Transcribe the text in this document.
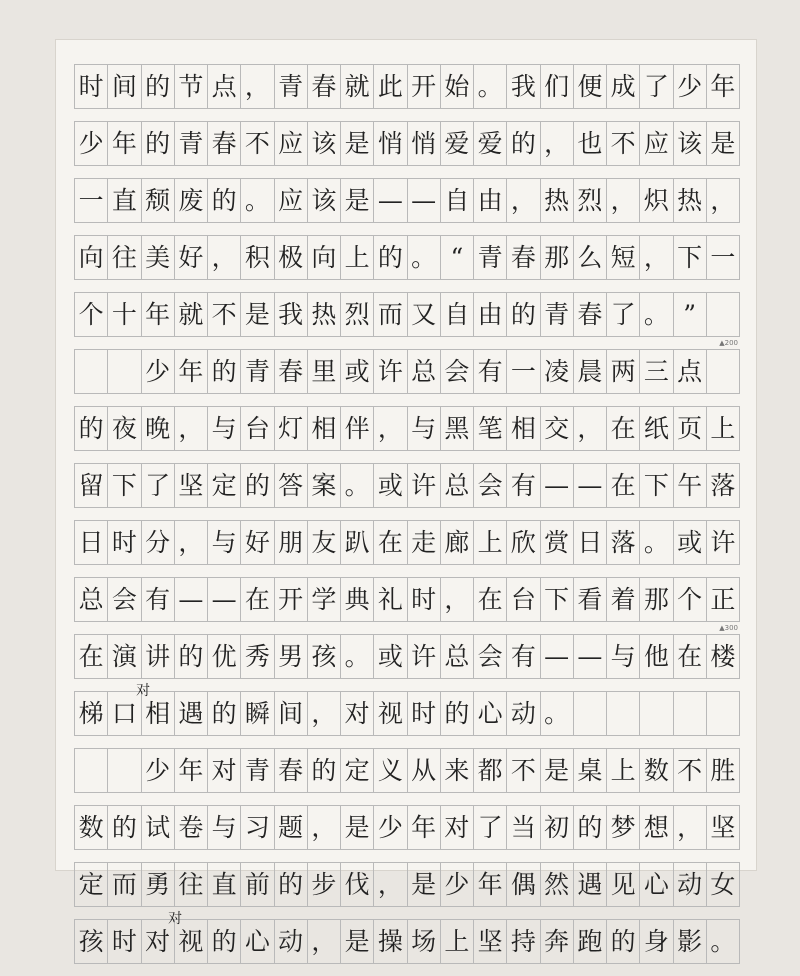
时 间 的 节 点 ， 青 春 就 此 开 始 。 我 们 便 成 了 少 年
少 年 的 青 春 不 应 该 是 悄 悄 爱 爱 的 ， 也 不 应 该 是
一 直 颓 废 的 。 应 该 是 — — 自 由 ， 热 烈 ， 炽 热 ，
向 往 美 好 ， 积 极 向 上 的 。 “ 青 春 那 么 短 ， 下 一
个 十 年 就 不 是 我 热 烈 而 又 自 由 的 青 春 了 。 ”
▲200
少 年 的 青 春 里 或 许 总 会 有 一 凌 晨 两 三 点
的 夜 晚 ， 与 台 灯 相 伴 ， 与 黑 笔 相 交 ， 在 纸 页 上
留 下 了 坚 定 的 答 案 。 或 许 总 会 有 — — 在 下 午 落
日 时 分 ， 与 好 朋 友 趴 在 走 廊 上 欣 赏 日 落 。 或 许
总 会 有 — — 在 开 学 典 礼 时 ， 在 台 下 看 着 那 个 正
▲300
在 演 讲 的 优 秀 男 孩 。 或 许 总 会 有 — — 与 他 在 楼
梯 口 相 遇 的 瞬 间 ， 对 视 时 的 心 动 。
对
少 年 对 青 春 的 定 义 从 来 都 不 是 桌 上 数 不 胜
数 的 试 卷 与 习 题 ， 是 少 年 对 了 当 初 的 梦 想 ， 坚
定 而 勇 往 直 前 的 步 伐 ， 是 少 年 偶 然 遇 见 心 动 女
孩 时 对 视 的 心 动 ， 是 操 场 上 坚 持 奔 跑 的 身 影 。
对
